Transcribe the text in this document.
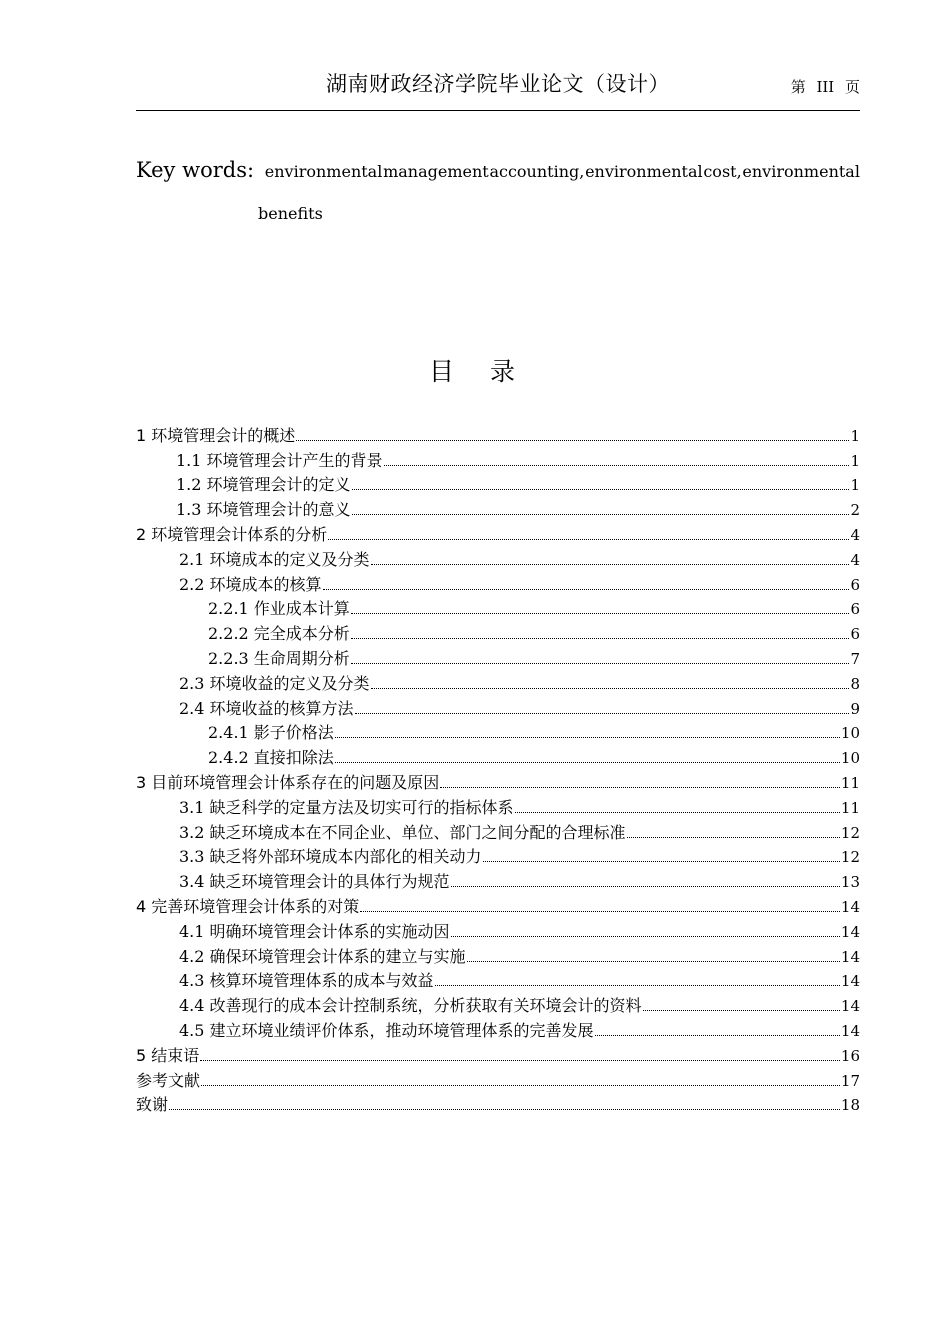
湖南财政经济学院毕业论文（设计）	第 III 页
Key words: environmental management accounting, environmental cost, environmental
benefits
目录
1 环境管理会计的概述	1
1.1 环境管理会计产生的背景	1
1.2 环境管理会计的定义	1
1.3 环境管理会计的意义	2
2 环境管理会计体系的分析	4
2.1 环境成本的定义及分类	4
2.2 环境成本的核算	6
2.2.1 作业成本计算	6
2.2.2 完全成本分析	6
2.2.3 生命周期分析	7
2.3 环境收益的定义及分类	8
2.4 环境收益的核算方法	9
2.4.1 影子价格法	10
2.4.2 直接扣除法	10
3 目前环境管理会计体系存在的问题及原因	11
3.1 缺乏科学的定量方法及切实可行的指标体系	11
3.2 缺乏环境成本在不同企业、单位、部门之间分配的合理标准	12
3.3 缺乏将外部环境成本内部化的相关动力	12
3.4 缺乏环境管理会计的具体行为规范	13
4 完善环境管理会计体系的对策	14
4.1 明确环境管理会计体系的实施动因	14
4.2 确保环境管理会计体系的建立与实施	14
4.3 核算环境管理体系的成本与效益	14
4.4 改善现行的成本会计控制系统，分析获取有关环境会计的资料	14
4.5 建立环境业绩评价体系，推动环境管理体系的完善发展	14
5 结束语	16
参考文献	17
致谢	18
